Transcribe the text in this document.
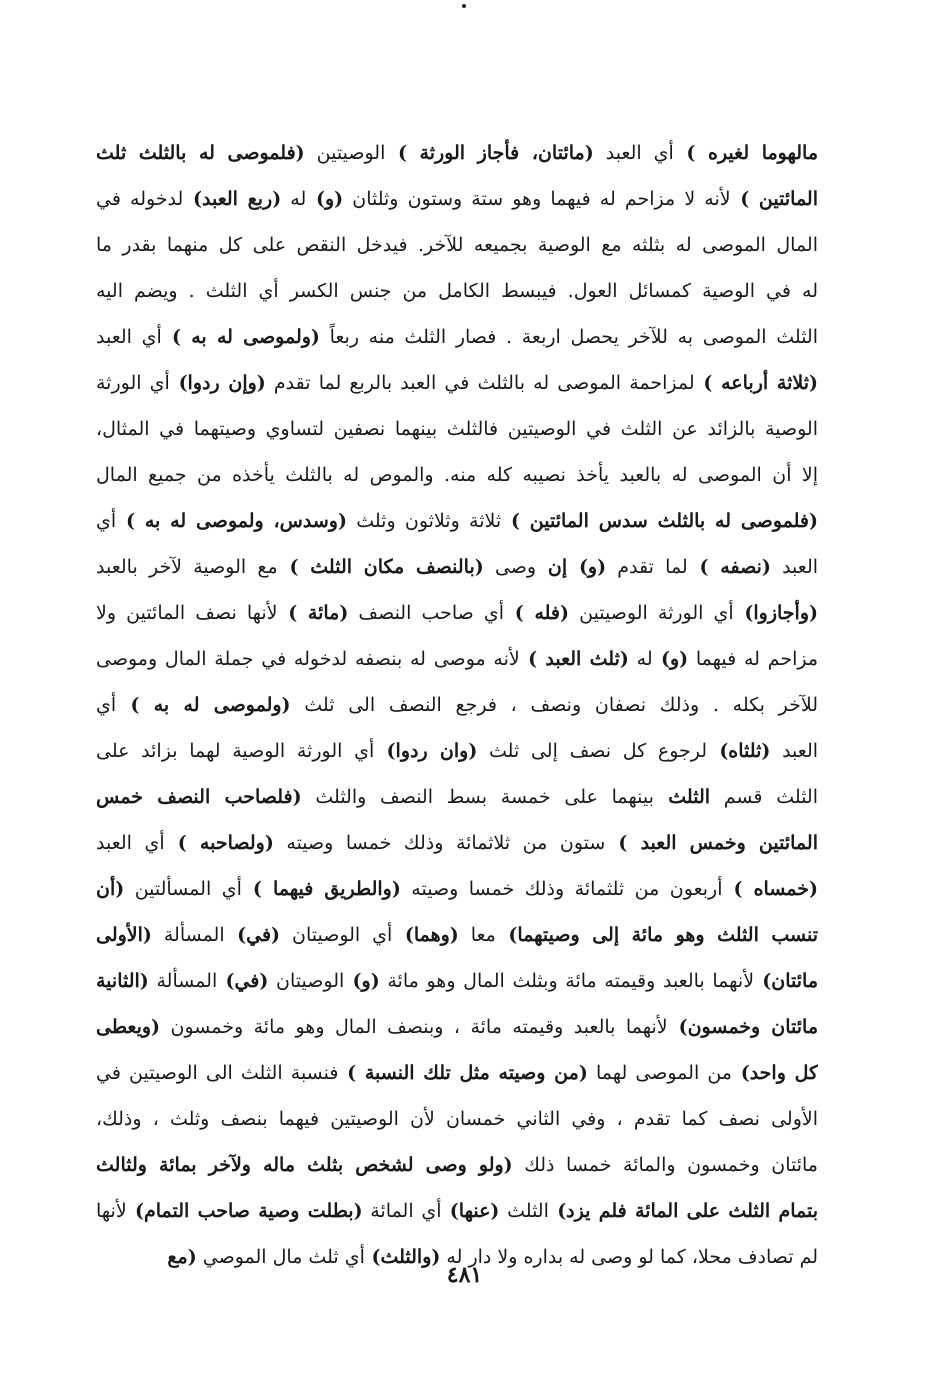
مالهوما لغيره ) أي العبد (مائتان، فأجاز الورثة ) الوصيتين (فلموصى له بالثلث ثلث
المائتين ) لأنه لا مزاحم له فيهما وهو ستة وستون وثلثان (و) له (ربع العبد) لدخوله في
المال الموصى له بثلثه مع الوصية بجميعه للآخر. فيدخل النقص على كل منهما بقدر ما
له في الوصية كمسائل العول. فيبسط الكامل من جنس الكسر أي الثلث . ويضم اليه
الثلث الموصى به للآخر يحصل اربعة . فصار الثلث منه ربعاً (ولموصى له به ) أي العبد
(ثلاثة أرباعه ) لمزاحمة الموصى له بالثلث في العبد بالربع لما تقدم (وإن ردوا) أي الورثة
الوصية بالزائد عن الثلث في الوصيتين فالثلث بينهما نصفين لتساوي وصيتهما في المثال،
إلا أن الموصى له بالعبد يأخذ نصيبه كله منه. والموص له بالثلث يأخذه من جميع المال
(فلموصى له بالثلث سدس المائتين ) ثلاثة وثلاثون وثلث (وسدس، ولموصى له به ) أي
العبد (نصفه ) لما تقدم (و) إن وصى (بالنصف مكان الثلث ) مع الوصية لآخر بالعبد
(وأجازوا) أي الورثة الوصيتين (فله ) أي صاحب النصف (مائة ) لأنها نصف المائتين ولا
مزاحم له فيهما (و) له (ثلث العبد ) لأنه موصى له بنصفه لدخوله في جملة المال وموصى
للآخر بكله . وذلك نصفان ونصف ، فرجع النصف الى ثلث (ولموصى له به ) أي
العبد (ثلثاه) لرجوع كل نصف إلى ثلث (وان ردوا) أي الورثة الوصية لهما بزائد على
الثلث قسم الثلث بينهما على خمسة بسط النصف والثلث (فلصاحب النصف خمس
المائتين وخمس العبد ) ستون من ثلاثمائة وذلك خمسا وصيته (ولصاحبه ) أي العبد
(خمساه ) أربعون من ثلثمائة وذلك خمسا وصيته (والطريق فيهما ) أي المسألتين (أن
تنسب الثلث وهو مائة إلى وصيتهما) معا (وهما) أي الوصيتان (في) المسألة (الأولى
مائتان) لأنهما بالعبد وقيمته مائة وبثلث المال وهو مائة (و) الوصيتان (في) المسألة (الثانية
مائتان وخمسون) لأنهما بالعبد وقيمته مائة ، وبنصف المال وهو مائة وخمسون (ويعطى
كل واحد) من الموصى لهما (من وصيته مثل تلك النسبة ) فنسبة الثلث الى الوصيتين في
الأولى نصف كما تقدم ، وفي الثاني خمسان لأن الوصيتين فيهما بنصف وثلث ، وذلك،
مائتان وخمسون والمائة خمسا ذلك (ولو وصى لشخص بثلث ماله ولآخر بمائة ولثالث
بتمام الثلث على المائة فلم يزد) الثلث (عنها) أي المائة (بطلت وصية صاحب التمام) لأنها
لم تصادف محلا، كما لو وصى له بداره ولا دار له (والثلث) أي ثلث مال الموصي (مع
٤٨١
